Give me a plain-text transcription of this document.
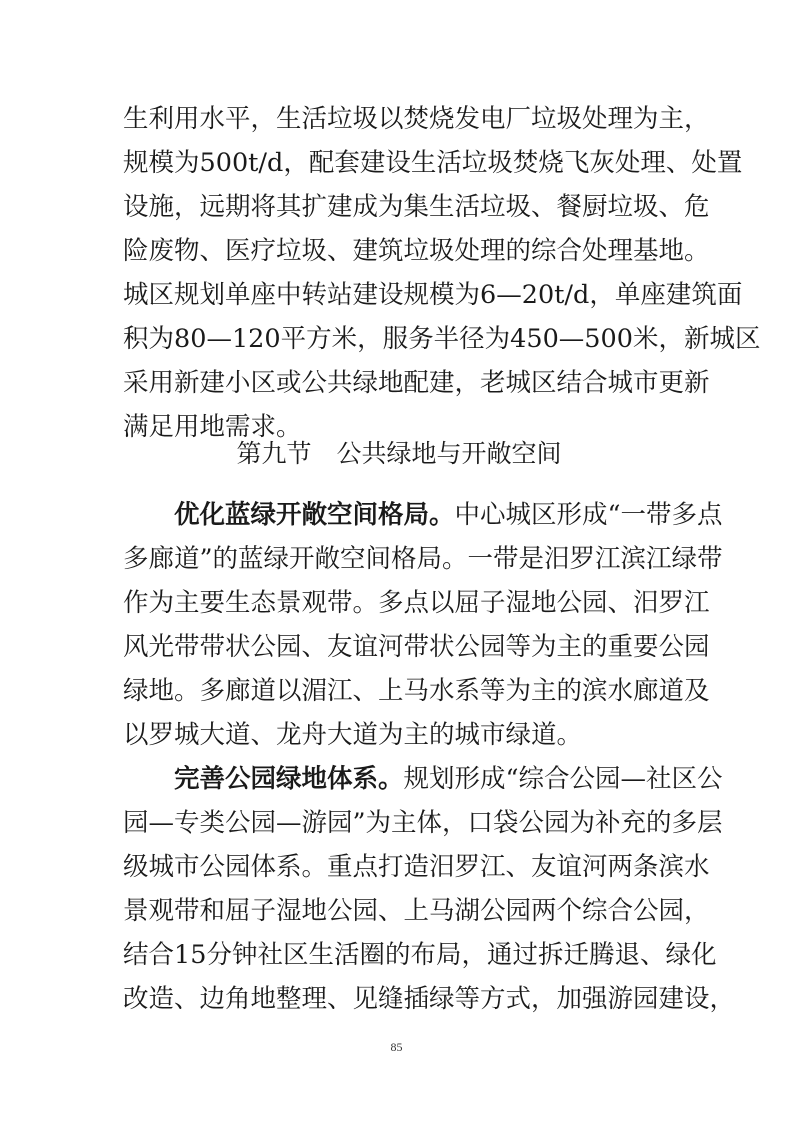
生利用水平，生活垃圾以焚烧发电厂垃圾处理为主，
规模为500t/d，配套建设生活垃圾焚烧飞灰处理、处置
设施，远期将其扩建成为集生活垃圾、餐厨垃圾、危
险废物、医疗垃圾、建筑垃圾处理的综合处理基地。
城区规划单座中转站建设规模为6—20t/d，单座建筑面
积为80—120平方米，服务半径为450—500米，新城区
采用新建小区或公共绿地配建，老城区结合城市更新
满足用地需求。
第九节　公共绿地与开敞空间
优化蓝绿开敞空间格局。中心城区形成“一带多点
多廊道”的蓝绿开敞空间格局。一带是汨罗江滨江绿带
作为主要生态景观带。多点以屈子湿地公园、汨罗江
风光带带状公园、友谊河带状公园等为主的重要公园
绿地。多廊道以湄江、上马水系等为主的滨水廊道及
以罗城大道、龙舟大道为主的城市绿道。
完善公园绿地体系。规划形成“综合公园—社区公
园—专类公园—游园”为主体，口袋公园为补充的多层
级城市公园体系。重点打造汨罗江、友谊河两条滨水
景观带和屈子湿地公园、上马湖公园两个综合公园，
结合15分钟社区生活圈的布局，通过拆迁腾退、绿化
改造、边角地整理、见缝插绿等方式，加强游园建设，
85
